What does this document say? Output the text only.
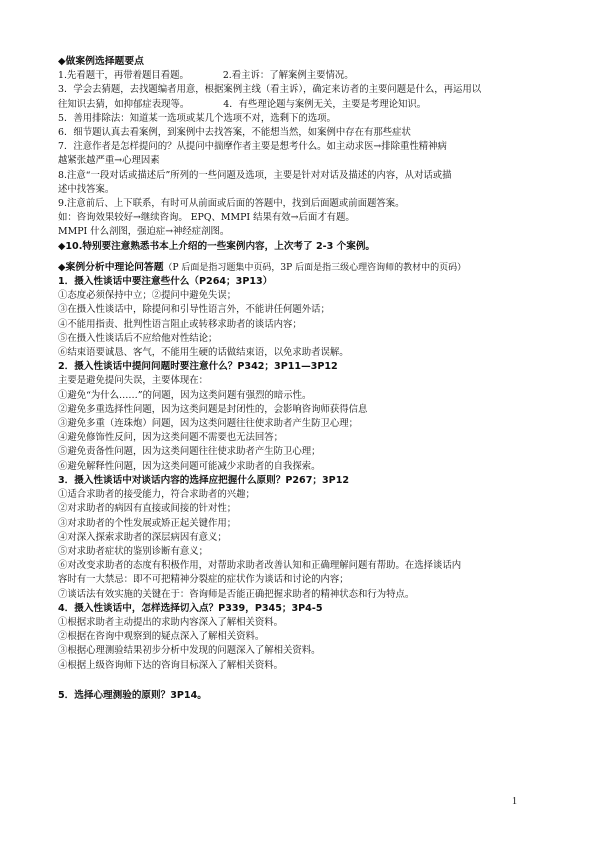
◆做案例选择题要点
1.先看题干，再带着题目看题。	2.看主诉：了解案例主要情况。
3．学会去猜题，去找题编者用意，根据案例主线（看主诉），确定来访者的主要问题是什么，再运用以
往知识去猜，如抑郁症表现等。	4．有些理论题与案例无关，主要是考理论知识。
5．善用排除法：知道某一选项或某几个选项不对，选剩下的选项。
6．细节题认真去看案例，到案例中去找答案，不能想当然，如案例中存在有那些症状
7．注意作者是怎样提问的？从提问中揣摩作者主要是想考什么。如主动求医→排除重性精神病
越紧张越严重→心理因素
8.注意“一段对话或描述后”所列的一些问题及选项，主要是针对对话及描述的内容，从对话或描
述中找答案。
9.注意前后、上下联系，有时可从前面或后面的答题中，找到后面题或前面题答案。
如：咨询效果较好→继续咨询。 EPQ、MMPI 结果有效→后面才有题。
MMPI 什么剖图，强迫症→神经症剖图。
◆10.特别要注意熟悉书本上介绍的一些案例内容，上次考了 2-3 个案例。
◆案例分析中理论问答题（P 后面是指习题集中页码，3P 后面是指三级心理咨询师的教材中的页码）
1．摄入性谈话中要注意些什么（P264；3P13）
①态度必须保持中立；②提问中避免失误；
③在摄入性谈话中，除提问和引导性语言外，不能讲任何题外话；
④不能用指责、批判性语言阻止或转移求助者的谈话内容；
⑤在摄入性谈话后不应给他对性结论；
⑥结束语要诚恳、客气，不能用生硬的话做结束语，以免求助者误解。
2．摄入性谈话中提问问题时要注意什么？P342；3P11—3P12
主要是避免提问失误，主要体现在：
①避免“为什么……”的问题，因为这类问题有强烈的暗示性。
②避免多重选择性问题，因为这类问题是封闭性的，会影响咨询师获得信息
③避免多重（连珠炮）问题，因为这类问题往往使求助者产生防卫心理；
④避免修饰性反问，因为这类问题不需要也无法回答；
⑤避免责备性问题，因为这类问题往往使求助者产生防卫心理；
⑥避免解释性问题，因为这类问题可能减少求助者的自我探索。
3．摄入性谈话中对谈话内容的选择应把握什么原则？P267；3P12
①适合求助者的接受能力，符合求助者的兴趣；
②对求助者的病因有直接或间接的针对性；
③对求助者的个性发展或矫正起关键作用；
④对深入探索求助者的深层病因有意义；
⑤对求助者症状的鉴别诊断有意义；
⑥对改变求助者的态度有积极作用，对帮助求助者改善认知和正确理解问题有帮助。在选择谈话内
容时有一大禁忌：即不可把精神分裂症的症状作为谈话和讨论的内容；
⑦谈话法有效实施的关键在于：咨询师是否能正确把握求助者的精神状态和行为特点。
4．摄入性谈话中，怎样选择切入点？P339，P345；3P4-5
①根据求助者主动提出的求助内容深入了解相关资料。
②根据在咨询中观察到的疑点深入了解相关资料。
③根据心理测验结果初步分析中发现的问题深入了解相关资料。
④根据上级咨询师下达的咨询目标深入了解相关资料。
5．选择心理测验的原则？3P14。
1
